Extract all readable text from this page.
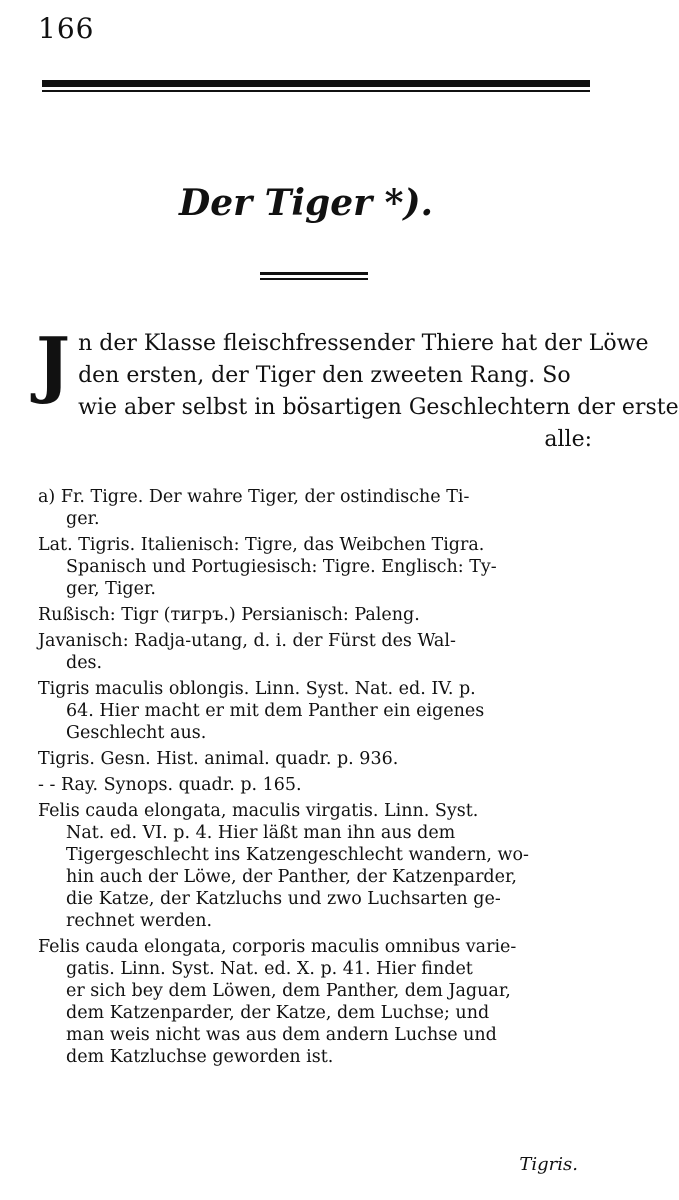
166
Der Tiger *).
J n der Klasse fleischfressender Thiere hat der Löwe
den ersten, der Tiger den zweeten Rang. So
wie aber selbst in bösartigen Geschlechtern der erste
alle:
a) Fr. Tigre. Der wahre Tiger, der ostindische Ti-
ger.
Lat. Tigris. Italienisch: Tigre, das Weibchen Tigra.
Spanisch und Portugiesisch: Tigre. Englisch: Ty-
ger, Tiger.
Rußisch: Tigr (тигръ.) Persianisch: Paleng.
Javanisch: Radja-utang, d. i. der Fürst des Wal-
des.
Tigris maculis oblongis. Linn. Syst. Nat. ed. IV. p.
64. Hier macht er mit dem Panther ein eigenes
Geschlecht aus.
Tigris. Gesn. Hist. animal. quadr. p. 936.
- - Ray. Synops. quadr. p. 165.
Felis cauda elongata, maculis virgatis. Linn. Syst.
Nat. ed. VI. p. 4. Hier läßt man ihn aus dem
Tigergeschlecht ins Katzengeschlecht wandern, wo-
hin auch der Löwe, der Panther, der Katzenparder,
die Katze, der Katzluchs und zwo Luchsarten ge-
rechnet werden.
Felis cauda elongata, corporis maculis omnibus varie-
gatis. Linn. Syst. Nat. ed. X. p. 41. Hier findet
er sich bey dem Löwen, dem Panther, dem Jaguar,
dem Katzenparder, der Katze, dem Luchse; und
man weis nicht was aus dem andern Luchse und
dem Katzluchse geworden ist.
Tigris.
